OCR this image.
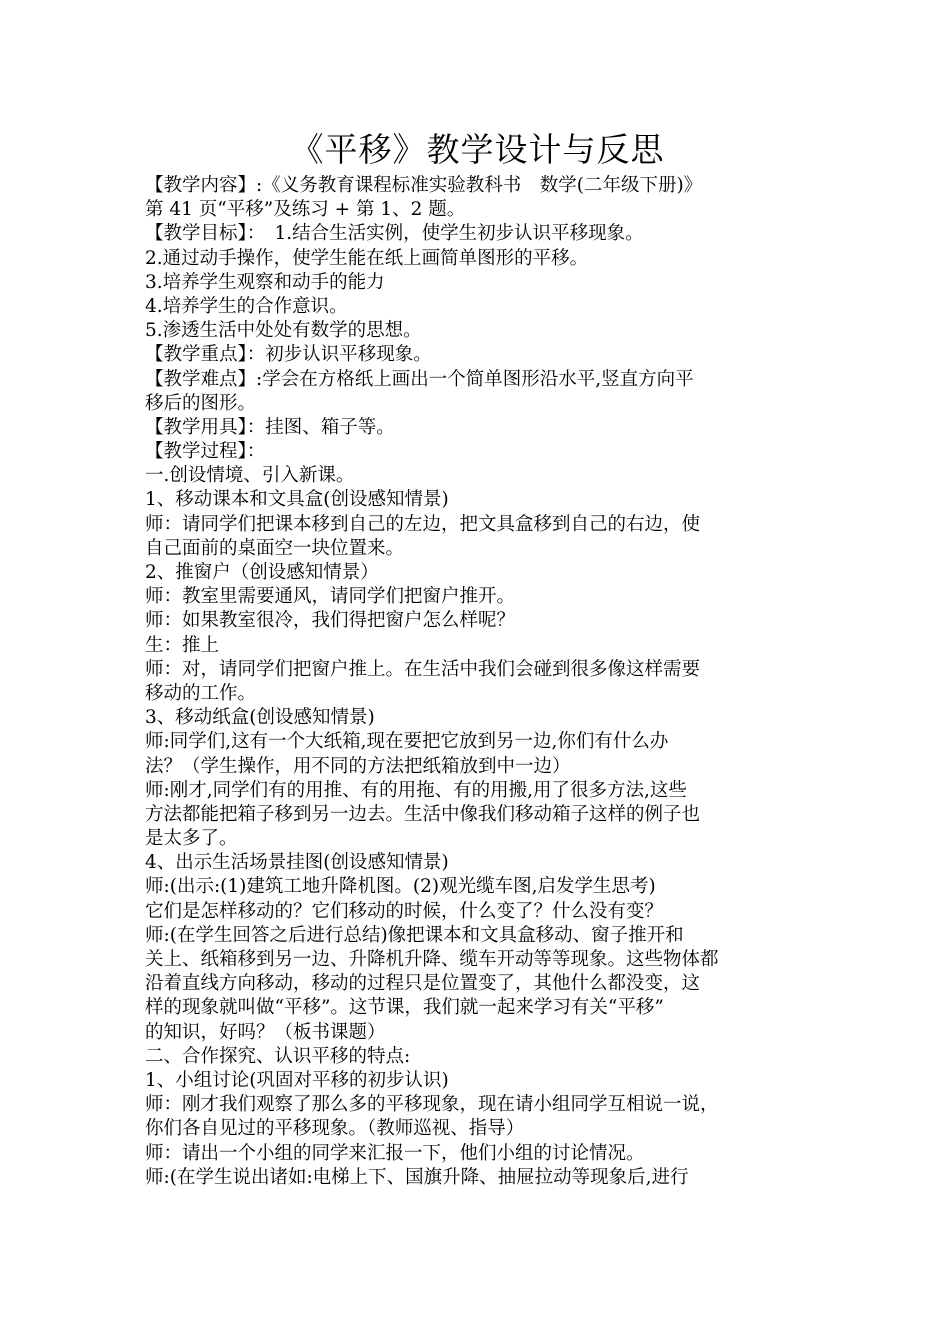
《平移》教学设计与反思
【教学内容】:《义务教育课程标准实验教科书　数学(二年级下册)》
第 41 页“平移”及练习 + 第 1、2 题。
【教学目标】：　1.结合生活实例，使学生初步认识平移现象。
2.通过动手操作，使学生能在纸上画简单图形的平移。
3.培养学生观察和动手的能力
4.培养学生的合作意识。
5.渗透生活中处处有数学的思想。
【教学重点】：初步认识平移现象。
【教学难点】:学会在方格纸上画出一个简单图形沿水平,竖直方向平
移后的图形。
【教学用具】：挂图、箱子等。
【教学过程】：
一.创设情境、引入新课。
1、移动课本和文具盒(创设感知情景)
师：请同学们把课本移到自己的左边，把文具盒移到自己的右边，使
自己面前的桌面空一块位置来。
2、推窗户（创设感知情景）
师：教室里需要通风，请同学们把窗户推开。
师：如果教室很冷，我们得把窗户怎么样呢？
生：推上
师：对，请同学们把窗户推上。在生活中我们会碰到很多像这样需要
移动的工作。
3、移动纸盒(创设感知情景)
师:同学们,这有一个大纸箱,现在要把它放到另一边,你们有什么办
法？（学生操作，用不同的方法把纸箱放到中一边）
师:刚才,同学们有的用推、有的用拖、有的用搬,用了很多方法,这些
方法都能把箱子移到另一边去。生活中像我们移动箱子这样的例子也
是太多了。
4、出示生活场景挂图(创设感知情景)
师:(出示:(1)建筑工地升降机图。(2)观光缆车图,启发学生思考)
它们是怎样移动的？它们移动的时候，什么变了？什么没有变？
师:(在学生回答之后进行总结)像把课本和文具盒移动、窗子推开和
关上、纸箱移到另一边、升降机升降、缆车开动等等现象。这些物体都
沿着直线方向移动，移动的过程只是位置变了，其他什么都没变，这
样的现象就叫做“平移”。这节课，我们就一起来学习有关“平移”
的知识，好吗？（板书课题）
二、合作探究、认识平移的特点:
1、小组讨论(巩固对平移的初步认识)
师：刚才我们观察了那么多的平移现象，现在请小组同学互相说一说，
你们各自见过的平移现象。（教师巡视、指导）
师：请出一个小组的同学来汇报一下，他们小组的讨论情况。
师:(在学生说出诸如:电梯上下、国旗升降、抽屉拉动等现象后,进行
